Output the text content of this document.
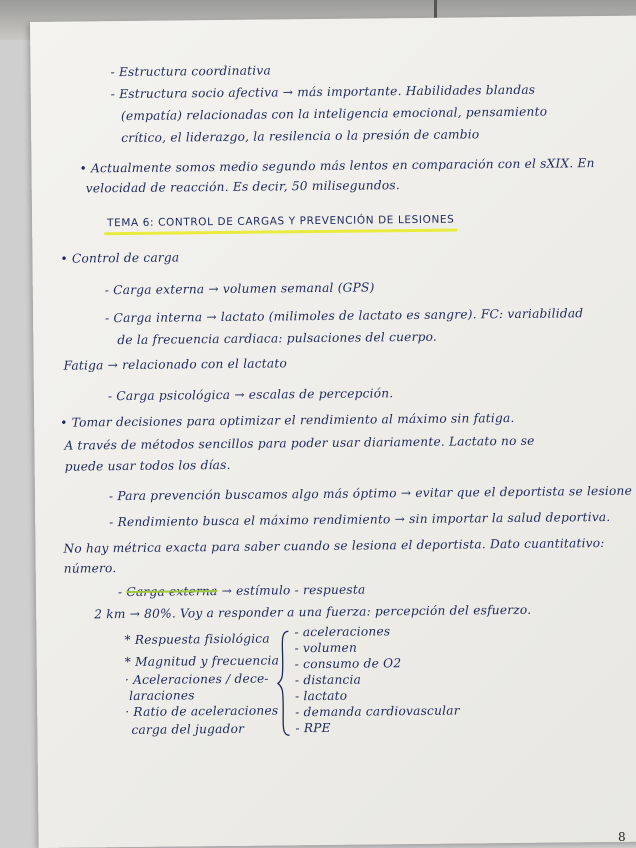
- Estructura coordinativa
- Estructura socio afectiva → más importante. Habilidades blandas
(empatía) relacionadas con la inteligencia emocional, pensamiento
crítico, el liderazgo, la resilencia o la presión de cambio
• Actualmente somos medio segundo más lentos en comparación con el sXIX. En
velocidad de reacción. Es decir, 50 milisegundos.
TEMA 6: CONTROL DE CARGAS Y PREVENCIÓN DE LESIONES
• Control de carga
- Carga externa → volumen semanal (GPS)
- Carga interna → lactato (milimoles de lactato es sangre). FC: variabilidad
de la frecuencia cardiaca: pulsaciones del cuerpo.
Fatiga → relacionado con el lactato
- Carga psicológica → escalas de percepción.
• Tomar decisiones para optimizar el rendimiento al máximo sin fatiga.
A través de métodos sencillos para poder usar diariamente. Lactato no se
puede usar todos los días.
- Para prevención buscamos algo más óptimo → evitar que el deportista se lesione
- Rendimiento busca el máximo rendimiento → sin importar la salud deportiva.
No hay métrica exacta para saber cuando se lesiona el deportista. Dato cuantitativo:
número.
- Carga externa → estímulo - respuesta
2 km → 80%. Voy a responder a una fuerza: percepción del esfuerzo.
* Respuesta fisiológica
* Magnitud y frecuencia
· Aceleraciones / dece-
laraciones
· Ratio de aceleraciones
carga del jugador
- aceleraciones
- volumen
- consumo de O2
- distancia
- lactato
- demanda cardiovascular
- RPE
8
